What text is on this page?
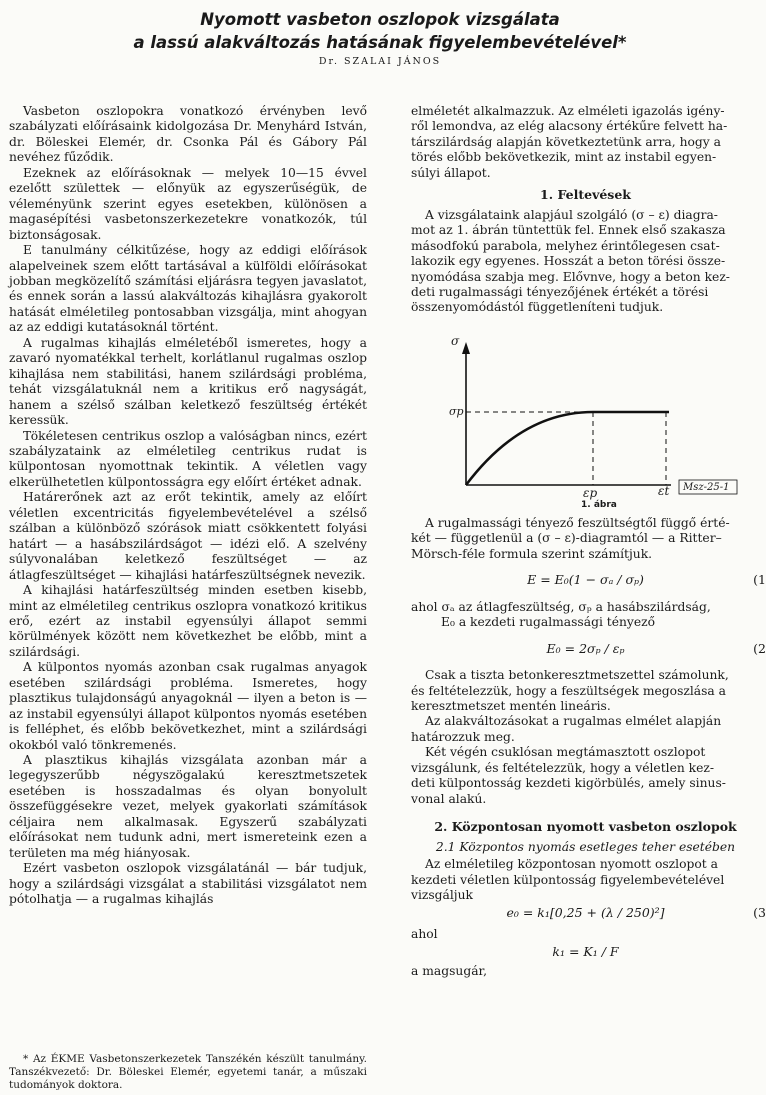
Nyomott vasbeton oszlopok vizsgálata
a lassú alakváltozás hatásának figyelembevételével*
Dr. SZALAI JÁNOS

Vasbeton oszlopokra vonatkozó érvényben levő szabályzati előírásaink kidolgozása Dr. Menyhárd István, dr. Böleskei Elemér, dr. Csonka Pál és Gábory Pál nevéhez fűződik.

Ezeknek az előírásoknak — melyek 10—15 évvel ezelőtt születtek — előnyük az egyszerűségük, de véleményünk szerint egyes esetekben, különösen a magasépítési vasbetonszerkezetekre vonatkozók, túl biztonságosak.

E tanulmány célkitűzése, hogy az eddigi előírások alapelveinek szem előtt tartásával a külföldi előírásokat jobban megközelítő számítási eljárásra tegyen javaslatot, és ennek során a lassú alakváltozás kihajlásra gyakorolt hatását elméletileg pontosabban vizsgálja, mint ahogyan az az eddigi kutatásoknál történt.

A rugalmas kihajlás elméletéből ismeretes, hogy a zavaró nyomatékkal terhelt, korlátlanul rugalmas oszlop kihajlása nem stabilitási, hanem szilárdsági probléma, tehát vizsgálatuknál nem a kritikus erő nagyságát, hanem a szélső szálban keletkező feszültség értékét keressük.

Tökéletesen centrikus oszlop a valóságban nincs, ezért szabályzataink az elméletileg centrikus rudat is külpontosan nyomottnak tekintik. A véletlen vagy elkerülhetetlen külpontosságra egy előírt értéket adnak.

Határerőnek azt az erőt tekintik, amely az előírt véletlen excentricitás figyelembevételével a szélső szálban a különböző szórások miatt csökkentett folyási határt — a hasábszilárdságot — idézi elő. A szelvény súlyvonalában keletkező feszültséget — az átlagfeszültséget — kihajlási határfeszültségnek nevezik.

A kihajlási határfeszültség minden esetben kisebb, mint az elméletileg centrikus oszlopra vonatkozó kritikus erő, ezért az instabil egyensúlyi állapot semmi körülmények között nem következhet be előbb, mint a szilárdsági.

A külpontos nyomás azonban csak rugalmas anyagok esetében szilárdsági probléma. Ismeretes, hogy plasztikus tulajdonságú anyagoknál — ilyen a beton is — az instabil egyensúlyi állapot külpontos nyomás esetében is felléphet, és előbb bekövetkezhet, mint a szilárdsági okokból való tönkremenés.

A plasztikus kihajlás vizsgálata azonban már a legegyszerűbb négyszögalakú keresztmetszetek esetében is hosszadalmas és olyan bonyolult összefüggésekre vezet, melyek gyakorlati számítások céljaira nem alkalmasak. Egyszerű szabályzati előírásokat nem tudunk adni, mert ismereteink ezen a területen ma még hiányosak.

Ezért vasbeton oszlopok vizsgálatánál — bár tudjuk, hogy a szilárdsági vizsgálat a stabilitási vizsgálatot nem pótolhatja — a rugalmas kihajlás

* Az ÉKME Vasbetonszerkezetek Tanszékén készült tanulmány. Tanszékvezető: Dr. Böleskei Elemér, egyetemi tanár, a műszaki tudományok doktora.

elméletét alkalmazzuk. Az elméleti igazolás igény-

ről lemondva, az elég alacsony értékűre felvett ha-

társzilárdság alapján következtetünk arra, hogy a

törés előbb bekövetkezik, mint az instabil egyen-

súlyi állapot.

1. Feltevések

A vizsgálataink alapjául szolgáló (σ – ε) diagra-

mot az 1. ábrán tüntettük fel. Ennek első szakasza

másodfokú parabola, melyhez érintőlegesen csat-

lakozik egy egyenes. Hosszát a beton törési össze-

nyomódása szabja meg. Elővnve, hogy a beton kez-

deti rugalmassági tényezőjének értékét a törési

összenyomódástól függetleníteni tudjuk.

σ
σp
εp	εt Msz-25-1
1. ábra

A rugalmassági tényező feszültségtől függő érté-

két — függetlenül a (σ – ε)-diagramtól — a Ritter–

Mörsch-féle formula szerint számítjuk.

E = E₀(1 − σₐ / σₚ)	(1

ahol σₐ az átlagfeszültség, σₚ a hasábszilárdság,

E₀ a kezdeti rugalmassági tényező

E₀ = 2σₚ / εₚ	(2

Csak a tiszta betonkeresztmetszettel számolunk,

és feltételezzük, hogy a feszültségek megoszlása a

keresztmetszet mentén lineáris.

Az alakváltozásokat a rugalmas elmélet alapján

határozzuk meg.

Két végén csuklósan megtámasztott oszlopot

vizsgálunk, és feltételezzük, hogy a véletlen kez-

deti külpontosság kezdeti kigörbülés, amely sinus-

vonal alakú.

2. Központosan nyomott vasbeton oszlopok
2.1 Központos nyomás esetleges teher esetében

Az elméletileg központosan nyomott oszlopot a

kezdeti véletlen külpontosság figyelembevételével

vizsgáljuk

e₀ = k₁[0,25 + (λ / 250)²]	(3

ahol

k₁ = K₁ / F

a magsugár,
